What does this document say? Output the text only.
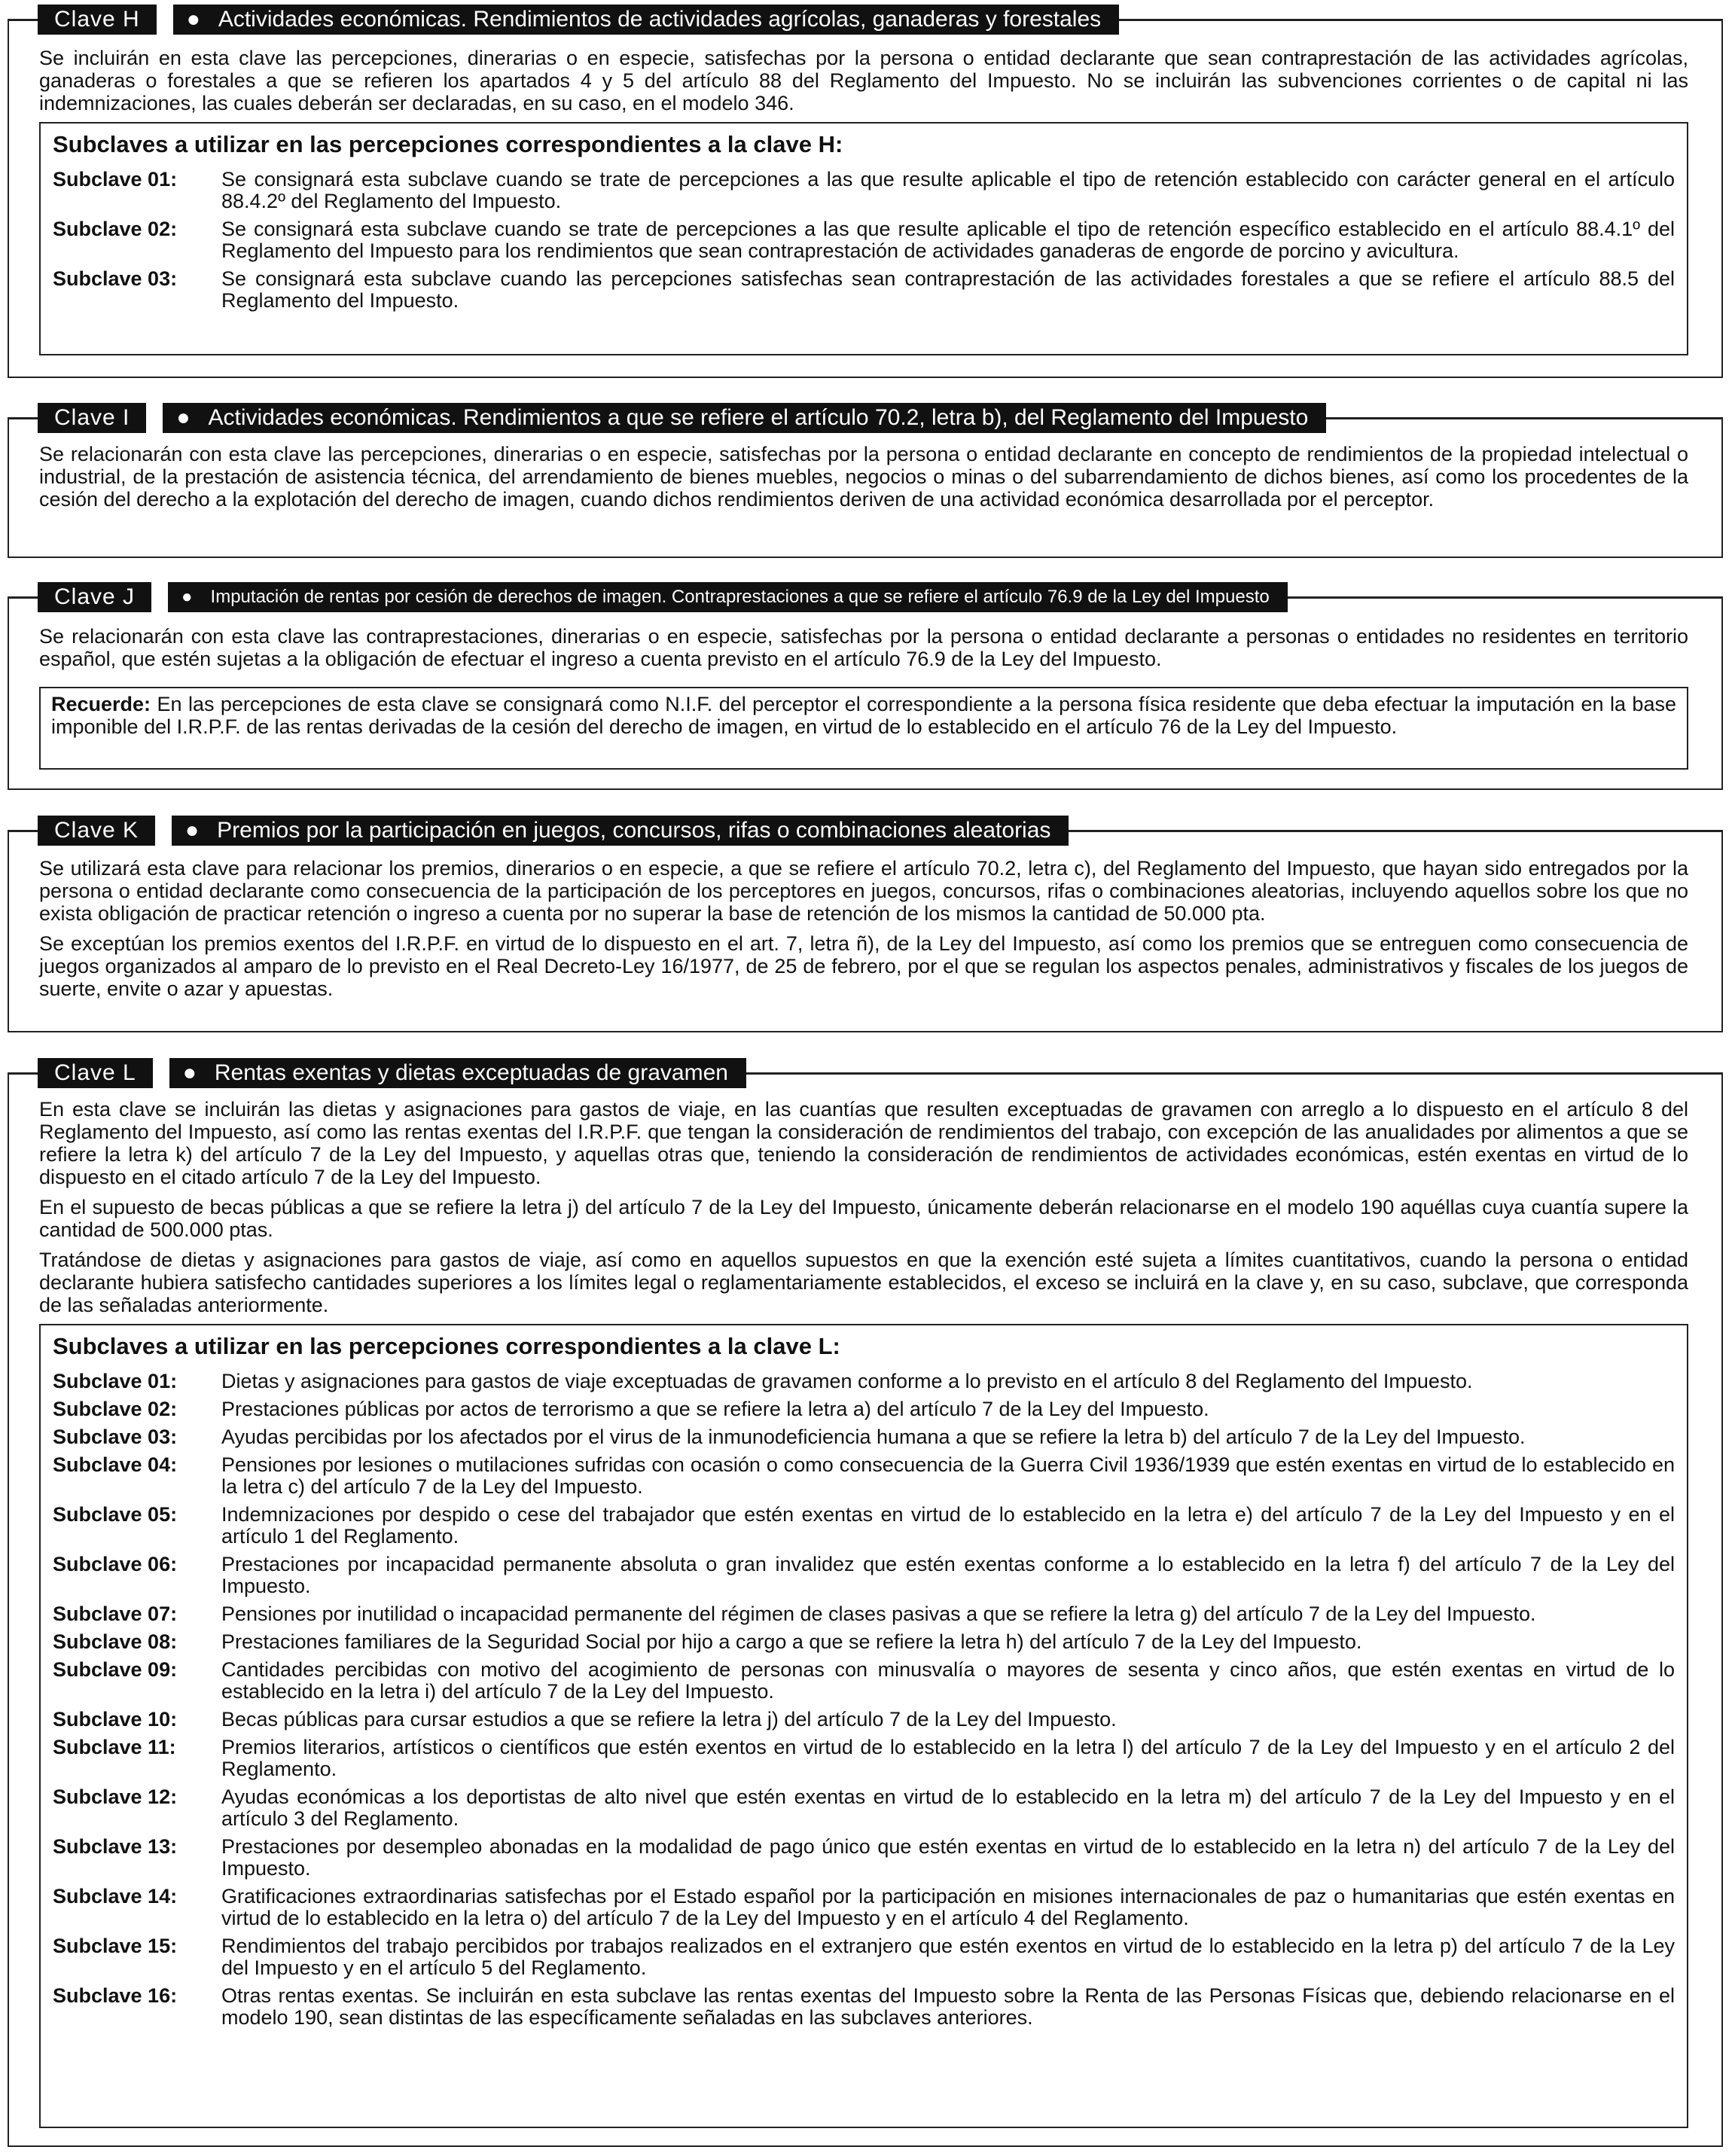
Clave H	● Actividades económicas. Rendimientos de actividades agrícolas, ganaderas y forestales

Se incluirán en esta clave las percepciones, dinerarias o en especie, satisfechas por la persona o entidad declarante que sean contraprestación de las actividades agrícolas, ganaderas o forestales a que se refieren los apartados 4 y 5 del artículo 88 del Reglamento del Impuesto. No se incluirán las subvenciones corrientes o de capital ni las indemnizaciones, las cuales deberán ser declaradas, en su caso, en el modelo 346.

Subclaves a utilizar en las percepciones correspondientes a la clave H:
Subclave 01:	Se consignará esta subclave cuando se trate de percepciones a las que resulte aplicable el tipo de retención establecido con carácter general en el artículo 88.4.2º del Reglamento del Impuesto.
Subclave 02:	Se consignará esta subclave cuando se trate de percepciones a las que resulte aplicable el tipo de retención específico establecido en el artículo 88.4.1º del Reglamento del Impuesto para los rendimientos que sean contraprestación de actividades ganaderas de engorde de porcino y avicultura.
Subclave 03:	Se consignará esta subclave cuando las percepciones satisfechas sean contraprestación de las actividades forestales a que se refiere el artículo 88.5 del Reglamento del Impuesto.
Clave I	● Actividades económicas. Rendimientos a que se refiere el artículo 70.2, letra b), del Reglamento del Impuesto

Se relacionarán con esta clave las percepciones, dinerarias o en especie, satisfechas por la persona o entidad declarante en concepto de rendimientos de la propiedad intelectual o industrial, de la prestación de asistencia técnica, del arrendamiento de bienes muebles, negocios o minas o del subarrendamiento de dichos bienes, así como los procedentes de la cesión del derecho a la explotación del derecho de imagen, cuando dichos rendimientos deriven de una actividad económica desarrollada por el perceptor.

Clave J	● Imputación de rentas por cesión de derechos de imagen. Contraprestaciones a que se refiere el artículo 76.9 de la Ley del Impuesto

Se relacionarán con esta clave las contraprestaciones, dinerarias o en especie, satisfechas por la persona o entidad declarante a personas o entidades no residentes en territorio español, que estén sujetas a la obligación de efectuar el ingreso a cuenta previsto en el artículo 76.9 de la Ley del Impuesto.

Recuerde: En las percepciones de esta clave se consignará como N.I.F. del perceptor el correspondiente a la persona física residente que deba efectuar la imputación en la base imponible del I.R.P.F. de las rentas derivadas de la cesión del derecho de imagen, en virtud de lo establecido en el artículo 76 de la Ley del Impuesto.
Clave K	● Premios por la participación en juegos, concursos, rifas o combinaciones aleatorias

Se utilizará esta clave para relacionar los premios, dinerarios o en especie, a que se refiere el artículo 70.2, letra c), del Reglamento del Impuesto, que hayan sido entregados por la persona o entidad declarante como consecuencia de la participación de los perceptores en juegos, concursos, rifas o combinaciones aleatorias, incluyendo aquellos sobre los que no exista obligación de practicar retención o ingreso a cuenta por no superar la base de retención de los mismos la cantidad de 50.000 pta.

Se exceptúan los premios exentos del I.R.P.F. en virtud de lo dispuesto en el art. 7, letra ñ), de la Ley del Impuesto, así como los premios que se entreguen como consecuencia de juegos organizados al amparo de lo previsto en el Real Decreto-Ley 16/1977, de 25 de febrero, por el que se regulan los aspectos penales, administrativos y fiscales de los juegos de suerte, envite o azar y apuestas.

Clave L	● Rentas exentas y dietas exceptuadas de gravamen

En esta clave se incluirán las dietas y asignaciones para gastos de viaje, en las cuantías que resulten exceptuadas de gravamen con arreglo a lo dispuesto en el artículo 8 del Reglamento del Impuesto, así como las rentas exentas del I.R.P.F. que tengan la consideración de rendimientos del trabajo, con excepción de las anualidades por alimentos a que se refiere la letra k) del artículo 7 de la Ley del Impuesto, y aquellas otras que, teniendo la consideración de rendimientos de actividades económicas, estén exentas en virtud de lo dispuesto en el citado artículo 7 de la Ley del Impuesto.

En el supuesto de becas públicas a que se refiere la letra j) del artículo 7 de la Ley del Impuesto, únicamente deberán relacionarse en el modelo 190 aquéllas cuya cuantía supere la cantidad de 500.000 ptas.

Tratándose de dietas y asignaciones para gastos de viaje, así como en aquellos supuestos en que la exención esté sujeta a límites cuantitativos, cuando la persona o entidad declarante hubiera satisfecho cantidades superiores a los límites legal o reglamentariamente establecidos, el exceso se incluirá en la clave y, en su caso, subclave, que corresponda de las señaladas anteriormente.

Subclaves a utilizar en las percepciones correspondientes a la clave L:
Subclave 01:	Dietas y asignaciones para gastos de viaje exceptuadas de gravamen conforme a lo previsto en el artículo 8 del Reglamento del Impuesto.
Subclave 02:	Prestaciones públicas por actos de terrorismo a que se refiere la letra a) del artículo 7 de la Ley del Impuesto.
Subclave 03:	Ayudas percibidas por los afectados por el virus de la inmunodeficiencia humana a que se refiere la letra b) del artículo 7 de la Ley del Impuesto.
Subclave 04:	Pensiones por lesiones o mutilaciones sufridas con ocasión o como consecuencia de la Guerra Civil 1936/1939 que estén exentas en virtud de lo establecido en la letra c) del artículo 7 de la Ley del Impuesto.
Subclave 05:	Indemnizaciones por despido o cese del trabajador que estén exentas en virtud de lo establecido en la letra e) del artículo 7 de la Ley del Impuesto y en el artículo 1 del Reglamento.
Subclave 06:	Prestaciones por incapacidad permanente absoluta o gran invalidez que estén exentas conforme a lo establecido en la letra f) del artículo 7 de la Ley del Impuesto.
Subclave 07:	Pensiones por inutilidad o incapacidad permanente del régimen de clases pasivas a que se refiere la letra g) del artículo 7 de la Ley del Impuesto.
Subclave 08:	Prestaciones familiares de la Seguridad Social por hijo a cargo a que se refiere la letra h) del artículo 7 de la Ley del Impuesto.
Subclave 09:	Cantidades percibidas con motivo del acogimiento de personas con minusvalía o mayores de sesenta y cinco años, que estén exentas en virtud de lo establecido en la letra i) del artículo 7 de la Ley del Impuesto.
Subclave 10:	Becas públicas para cursar estudios a que se refiere la letra j) del artículo 7 de la Ley del Impuesto.
Subclave 11:	Premios literarios, artísticos o científicos que estén exentos en virtud de lo establecido en la letra l) del artículo 7 de la Ley del Impuesto y en el artículo 2 del Reglamento.
Subclave 12:	Ayudas económicas a los deportistas de alto nivel que estén exentas en virtud de lo establecido en la letra m) del artículo 7 de la Ley del Impuesto y en el artículo 3 del Reglamento.
Subclave 13:	Prestaciones por desempleo abonadas en la modalidad de pago único que estén exentas en virtud de lo establecido en la letra n) del artículo 7 de la Ley del Impuesto.
Subclave 14:	Gratificaciones extraordinarias satisfechas por el Estado español por la participación en misiones internacionales de paz o humanitarias que estén exentas en virtud de lo establecido en la letra o) del artículo 7 de la Ley del Impuesto y en el artículo 4 del Reglamento.
Subclave 15:	Rendimientos del trabajo percibidos por trabajos realizados en el extranjero que estén exentos en virtud de lo establecido en la letra p) del artículo 7 de la Ley del Impuesto y en el artículo 5 del Reglamento.
Subclave 16:	Otras rentas exentas. Se incluirán en esta subclave las rentas exentas del Impuesto sobre la Renta de las Personas Físicas que, debiendo relacionarse en el modelo 190, sean distintas de las específicamente señaladas en las subclaves anteriores.
